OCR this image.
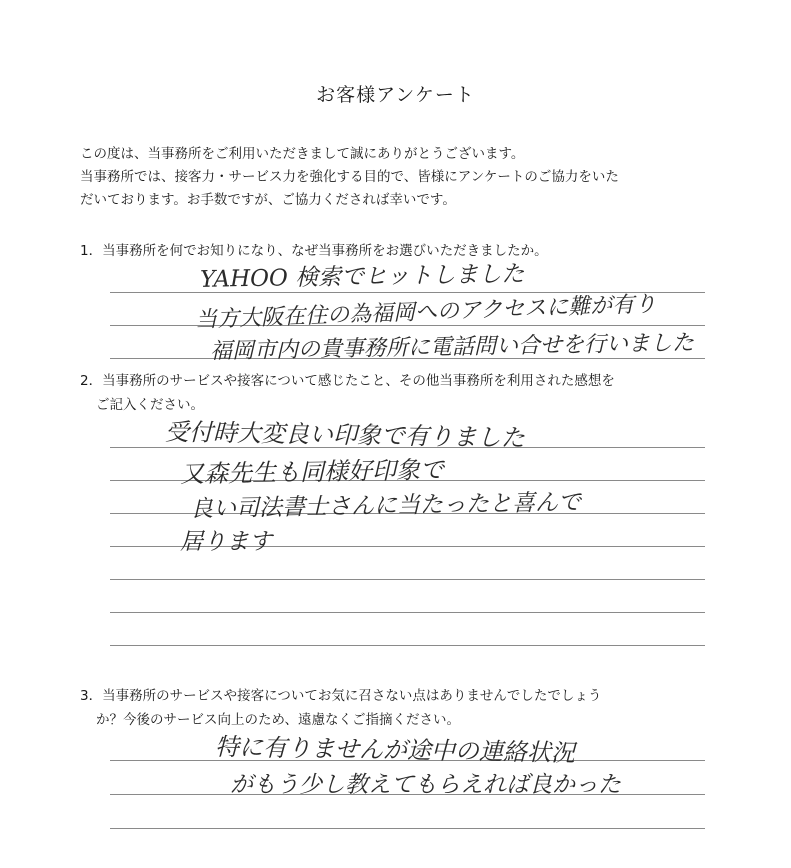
お客様アンケート
この度は、当事務所をご利用いただきまして誠にありがとうございます。
当事務所では、接客力・サービス力を強化する目的で、皆様にアンケートのご協力をいた
だいております。お手数ですが、ご協力くだされば幸いです。
1．当事務所を何でお知りになり、なぜ当事務所をお選びいただきましたか。
YAHOO 検索でヒットしました
当方大阪在住の為福岡へのアクセスに難が有り
福岡市内の貴事務所に電話問い合せを行いました
2．当事務所のサービスや接客について感じたこと、その他当事務所を利用された感想を
ご記入ください。
受付時大変良い印象で有りました
又森先生も同様好印象で
良い司法書士さんに当たったと喜んで
居ります
3．当事務所のサービスや接客についてお気に召さない点はありませんでしたでしょう
か？今後のサービス向上のため、遠慮なくご指摘ください。
特に有りませんが途中の連絡状況
がもう少し教えてもらえれば良かった
